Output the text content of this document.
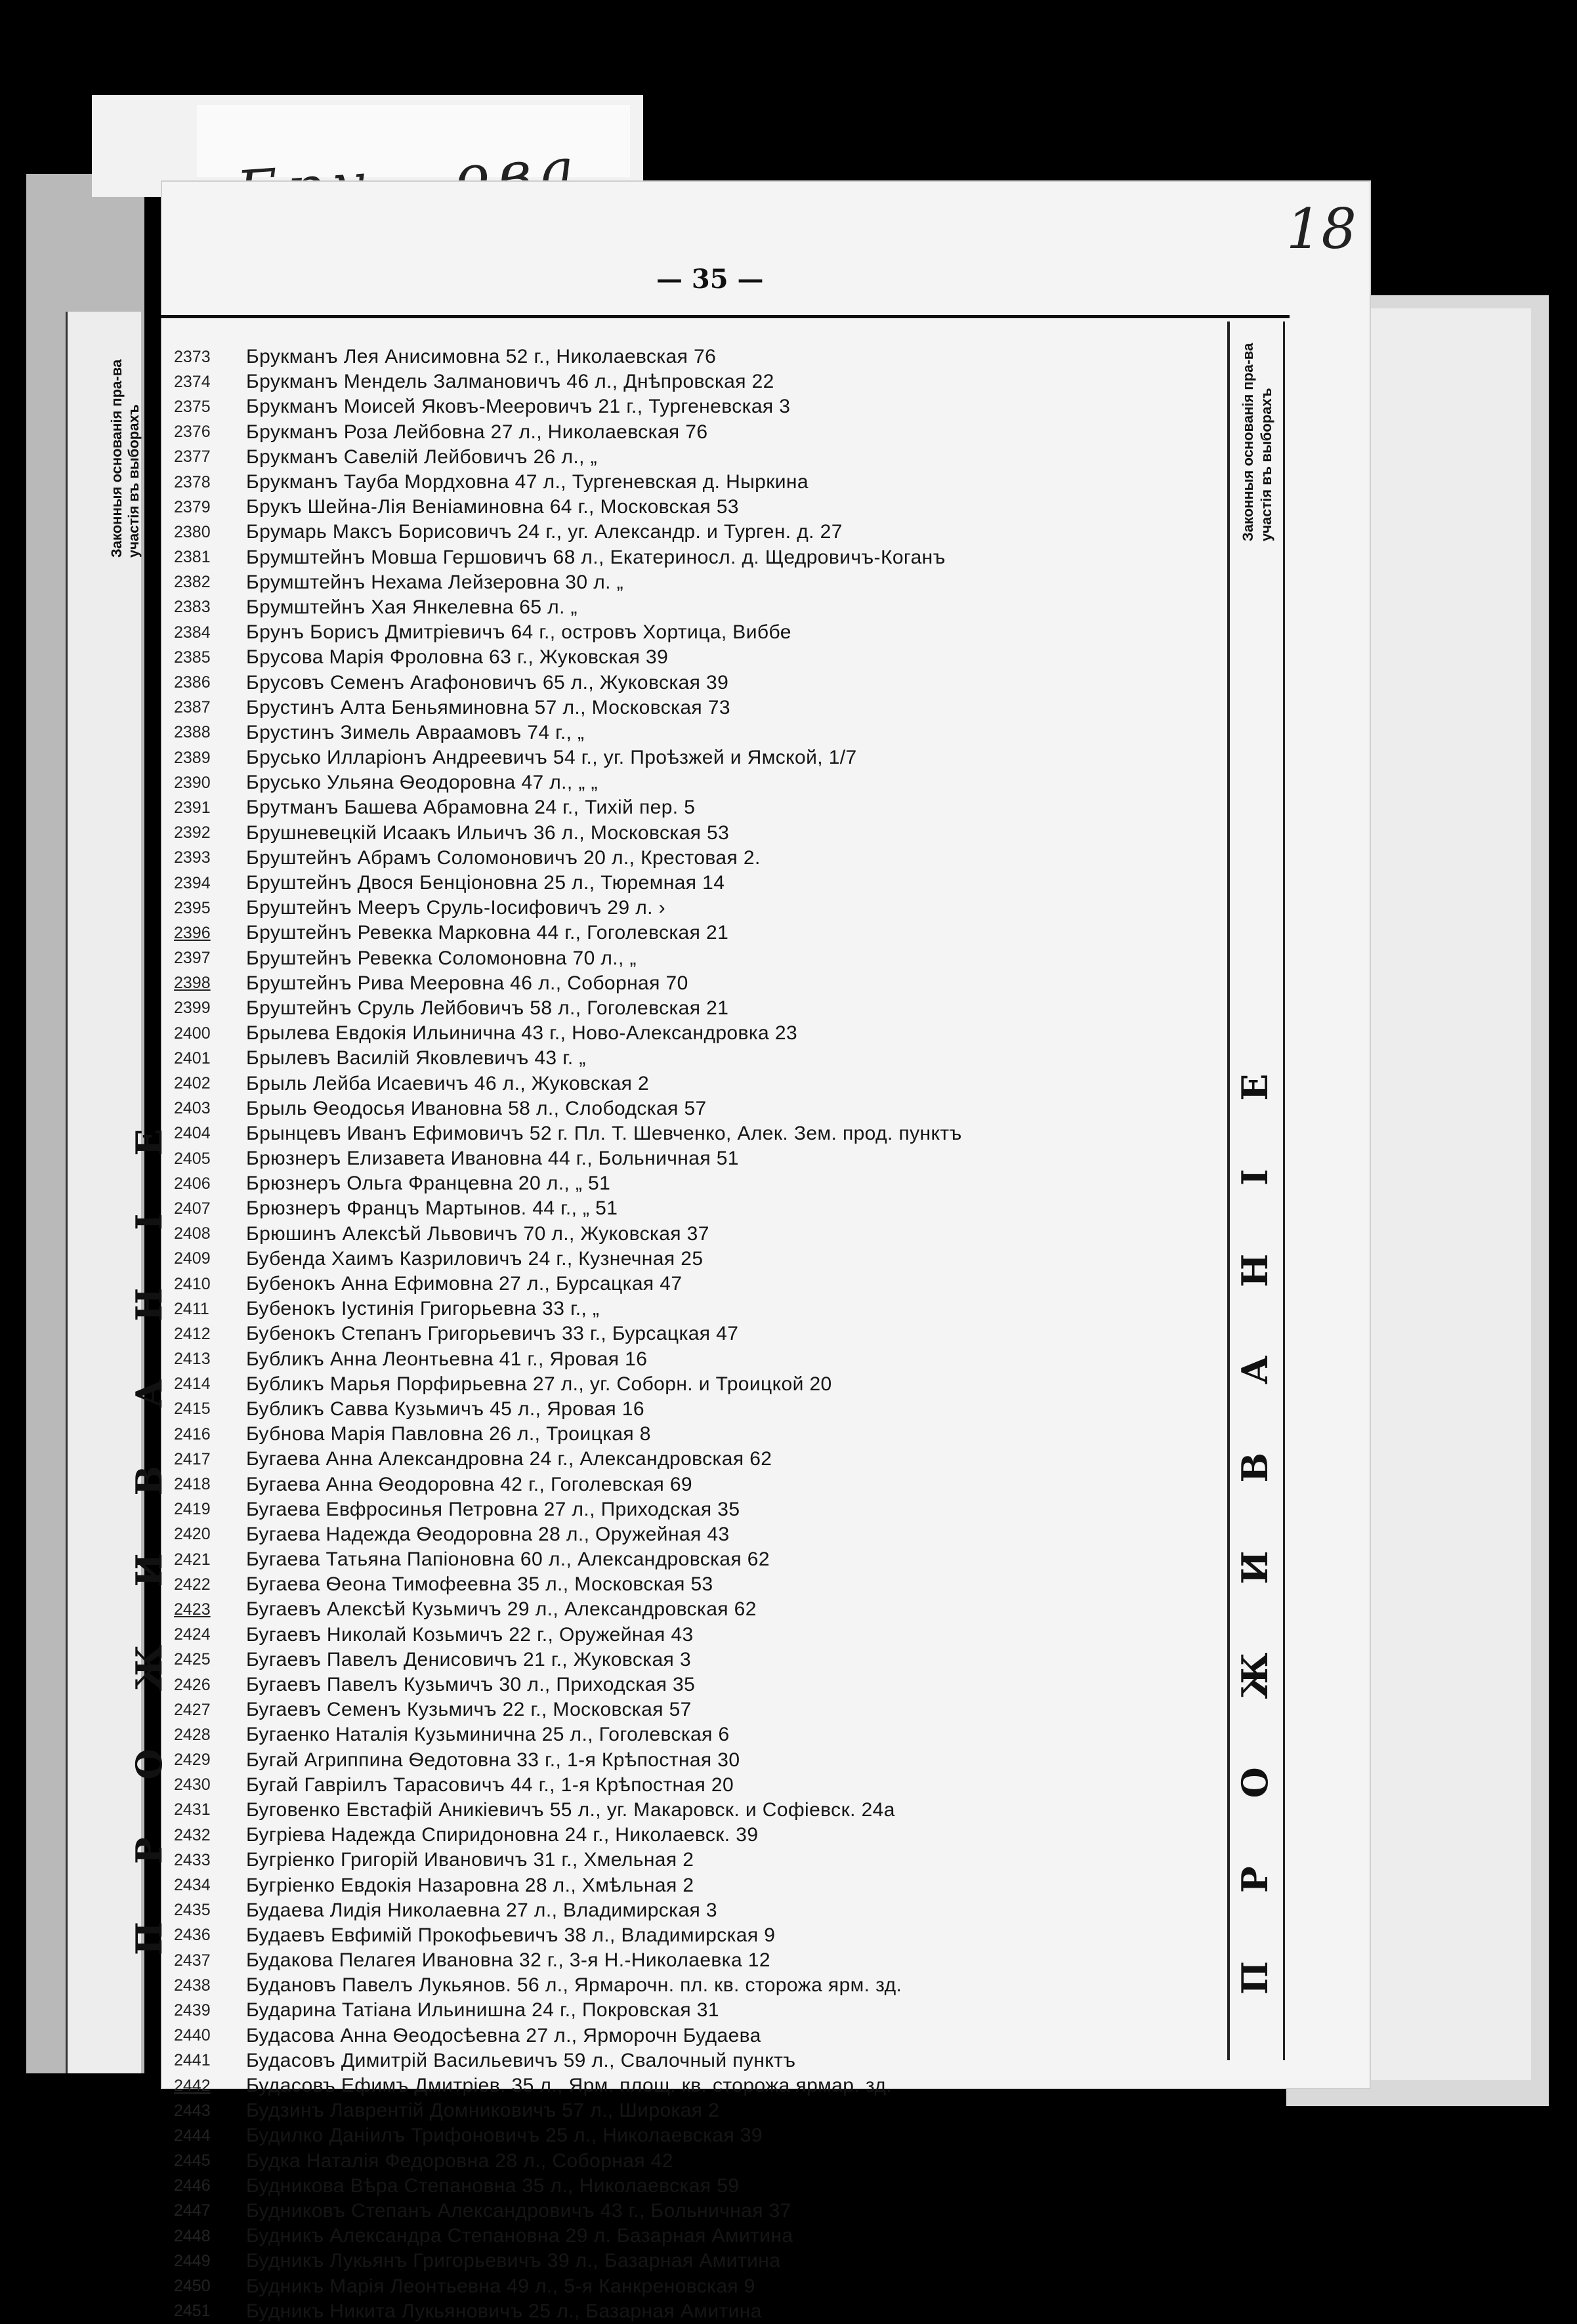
18
— 35 —
Законныя основанія пра-ва участія въ выборахъ	Законныя основанія пра-ва участія въ выборахъ
ПРОЖИВАНІЕ	ПРОЖИВАНІЕ
2373	Брукманъ Лея Анисимовна 52 г., Николаевская 76
2374	Брукманъ Мендель Залмановичъ 46 л., Днѣпровская 22
2375	Брукманъ Моисей Яковъ-Мееровичъ 21 г., Тургеневская 3
2376	Брукманъ Роза Лейбовна 27 л., Николаевская 76
2377	Брукманъ Савелій Лейбовичъ 26 л., „
2378	Брукманъ Тауба Мордховна 47 л., Тургеневская д. Ныркина
2379	Брукъ Шейна-Лія Веніаминовна 64 г., Московская 53
2380	Брумарь Максъ Борисовичъ 24 г., уг. Александр. и Турген. д. 27
2381	Брумштейнъ Мовша Гершовичъ 68 л., Екатериносл. д. Щедровичъ-Коганъ
2382	Брумштейнъ Нехама Лейзеровна 30 л. „
2383	Брумштейнъ Хая Янкелевна 65 л. „
2384	Брунъ Борисъ Дмитріевичъ 64 г., островъ Хортица, Виббе
2385	Брусова Марія Фроловна 63 г., Жуковская 39
2386	Брусовъ Семенъ Агафоновичъ 65 л., Жуковская 39
2387	Брустинъ Алта Беньяминовна 57 л., Московская 73
2388	Брустинъ Зимель Авраамовъ 74 г., „
2389	Брусько Илларіонъ Андреевичъ 54 г., уг. Проѣзжей и Ямской, 1/7
2390	Брусько Ульяна Ѳеодоровна 47 л., „ „
2391	Брутманъ Башева Абрамовна 24 г., Тихій пер. 5
2392	Брушневецкій Исаакъ Ильичъ 36 л., Московская 53
2393	Бруштейнъ Абрамъ Соломоновичъ 20 л., Крестовая 2.
2394	Бруштейнъ Двося Бенціоновна 25 л., Тюремная 14
2395	Бруштейнъ Мееръ Сруль-Іосифовичъ 29 л. ›
2396	Бруштейнъ Ревекка Марковна 44 г., Гоголевская 21
2397	Бруштейнъ Ревекка Соломоновна 70 л., „
2398	Бруштейнъ Рива Мееровна 46 л., Соборная 70
2399	Бруштейнъ Сруль Лейбовичъ 58 л., Гоголевская 21
2400	Брылева Евдокія Ильинична 43 г., Ново-Александровка 23
2401	Брылевъ Василій Яковлевичъ 43 г. „
2402	Брыль Лейба Исаевичъ 46 л., Жуковская 2
2403	Брыль Ѳеодосья Ивановна 58 л., Слободская 57
2404	Брынцевъ Иванъ Ефимовичъ 52 г. Пл. Т. Шевченко, Алек. Зем. прод. пунктъ
2405	Брюзнеръ Елизавета Ивановна 44 г., Больничная 51
2406	Брюзнеръ Ольга Францевна 20 л., „ 51
2407	Брюзнеръ Францъ Мартынов. 44 г., „ 51
2408	Брюшинъ Алексѣй Львовичъ 70 л., Жуковская 37
2409	Бубенда Хаимъ Казриловичъ 24 г., Кузнечная 25
2410	Бубенокъ Анна Ефимовна 27 л., Бурсацкая 47
2411	Бубенокъ Іустинія Григорьевна 33 г., „
2412	Бубенокъ Степанъ Григорьевичъ 33 г., Бурсацкая 47
2413	Бубликъ Анна Леонтьевна 41 г., Яровая 16
2414	Бубликъ Марья Порфирьевна 27 л., уг. Соборн. и Троицкой 20
2415	Бубликъ Савва Кузьмичъ 45 л., Яровая 16
2416	Бубнова Марія Павловна 26 л., Троицкая 8
2417	Бугаева Анна Александровна 24 г., Александровская 62
2418	Бугаева Анна Ѳеодоровна 42 г., Гоголевская 69
2419	Бугаева Евфросинья Петровна 27 л., Приходская 35
2420	Бугаева Надежда Ѳеодоровна 28 л., Оружейная 43
2421	Бугаева Татьяна Папіоновна 60 л., Александровская 62
2422	Бугаева Ѳеона Тимофеевна 35 л., Московская 53
2423	Бугаевъ Алексѣй Кузьмичъ 29 л., Александровская 62
2424	Бугаевъ Николай Козьмичъ 22 г., Оружейная 43
2425	Бугаевъ Павелъ Денисовичъ 21 г., Жуковская 3
2426	Бугаевъ Павелъ Кузьмичъ 30 л., Приходская 35
2427	Бугаевъ Семенъ Кузьмичъ 22 г., Московская 57
2428	Бугаенко Наталія Кузьминична 25 л., Гоголевская 6
2429	Бугай Агриппина Ѳедотовна 33 г., 1-я Крѣпостная 30
2430	Бугай Гавріилъ Тарасовичъ 44 г., 1-я Крѣпостная 20
2431	Буговенко Евстафій Аникіевичъ 55 л., уг. Макаровск. и Софіевск. 24а
2432	Бугріева Надежда Спиридоновна 24 г., Николаевск. 39
2433	Бугріенко Григорій Ивановичъ 31 г., Хмельная 2
2434	Бугріенко Евдокія Назаровна 28 л., Хмѣльная 2
2435	Будаева Лидія Николаевна 27 л., Владимирская 3
2436	Будаевъ Евфимій Прокофьевичъ 38 л., Владимирская 9
2437	Будакова Пелагея Ивановна 32 г., 3-я Н.-Николаевка 12
2438	Будановъ Павелъ Лукьянов. 56 л., Ярмарочн. пл. кв. сторожа ярм. зд.
2439	Бударина Татіана Ильинишна 24 г., Покровская 31
2440	Будасова Анна Ѳеодосѣевна 27 л., Ярморочн Будаева
2441	Будасовъ Димитрій Васильевичъ 59 л., Свалочный пунктъ
2442	Будасовъ Ефимъ Дмитріев. 35 л., Ярм. площ. кв. сторожа ярмар. зд.
2443	Будзинъ Лаврентій Домниковичъ 57 л., Широкая 2
2444	Будилко Даніилъ Трифоновичъ 25 л., Николаевская 39
2445	Будка Наталія Федоровна 28 л., Соборная 42
2446	Будникова Вѣра Степановна 35 л., Николаевская 59
2447	Будниковъ Степанъ Александровичъ 43 г., Больничная 37
2448	Будникъ Александра Степановна 29 л. Базарная Амитина
2449	Будникъ Лукьянъ Григорьевичъ 39 л., Базарная Амитина
2450	Будникъ Марія Леонтьевна 49 л., 5-я Канкреновская 9
2451	Будникъ Никита Лукьяновичъ 25 л., Базарная Амитина
